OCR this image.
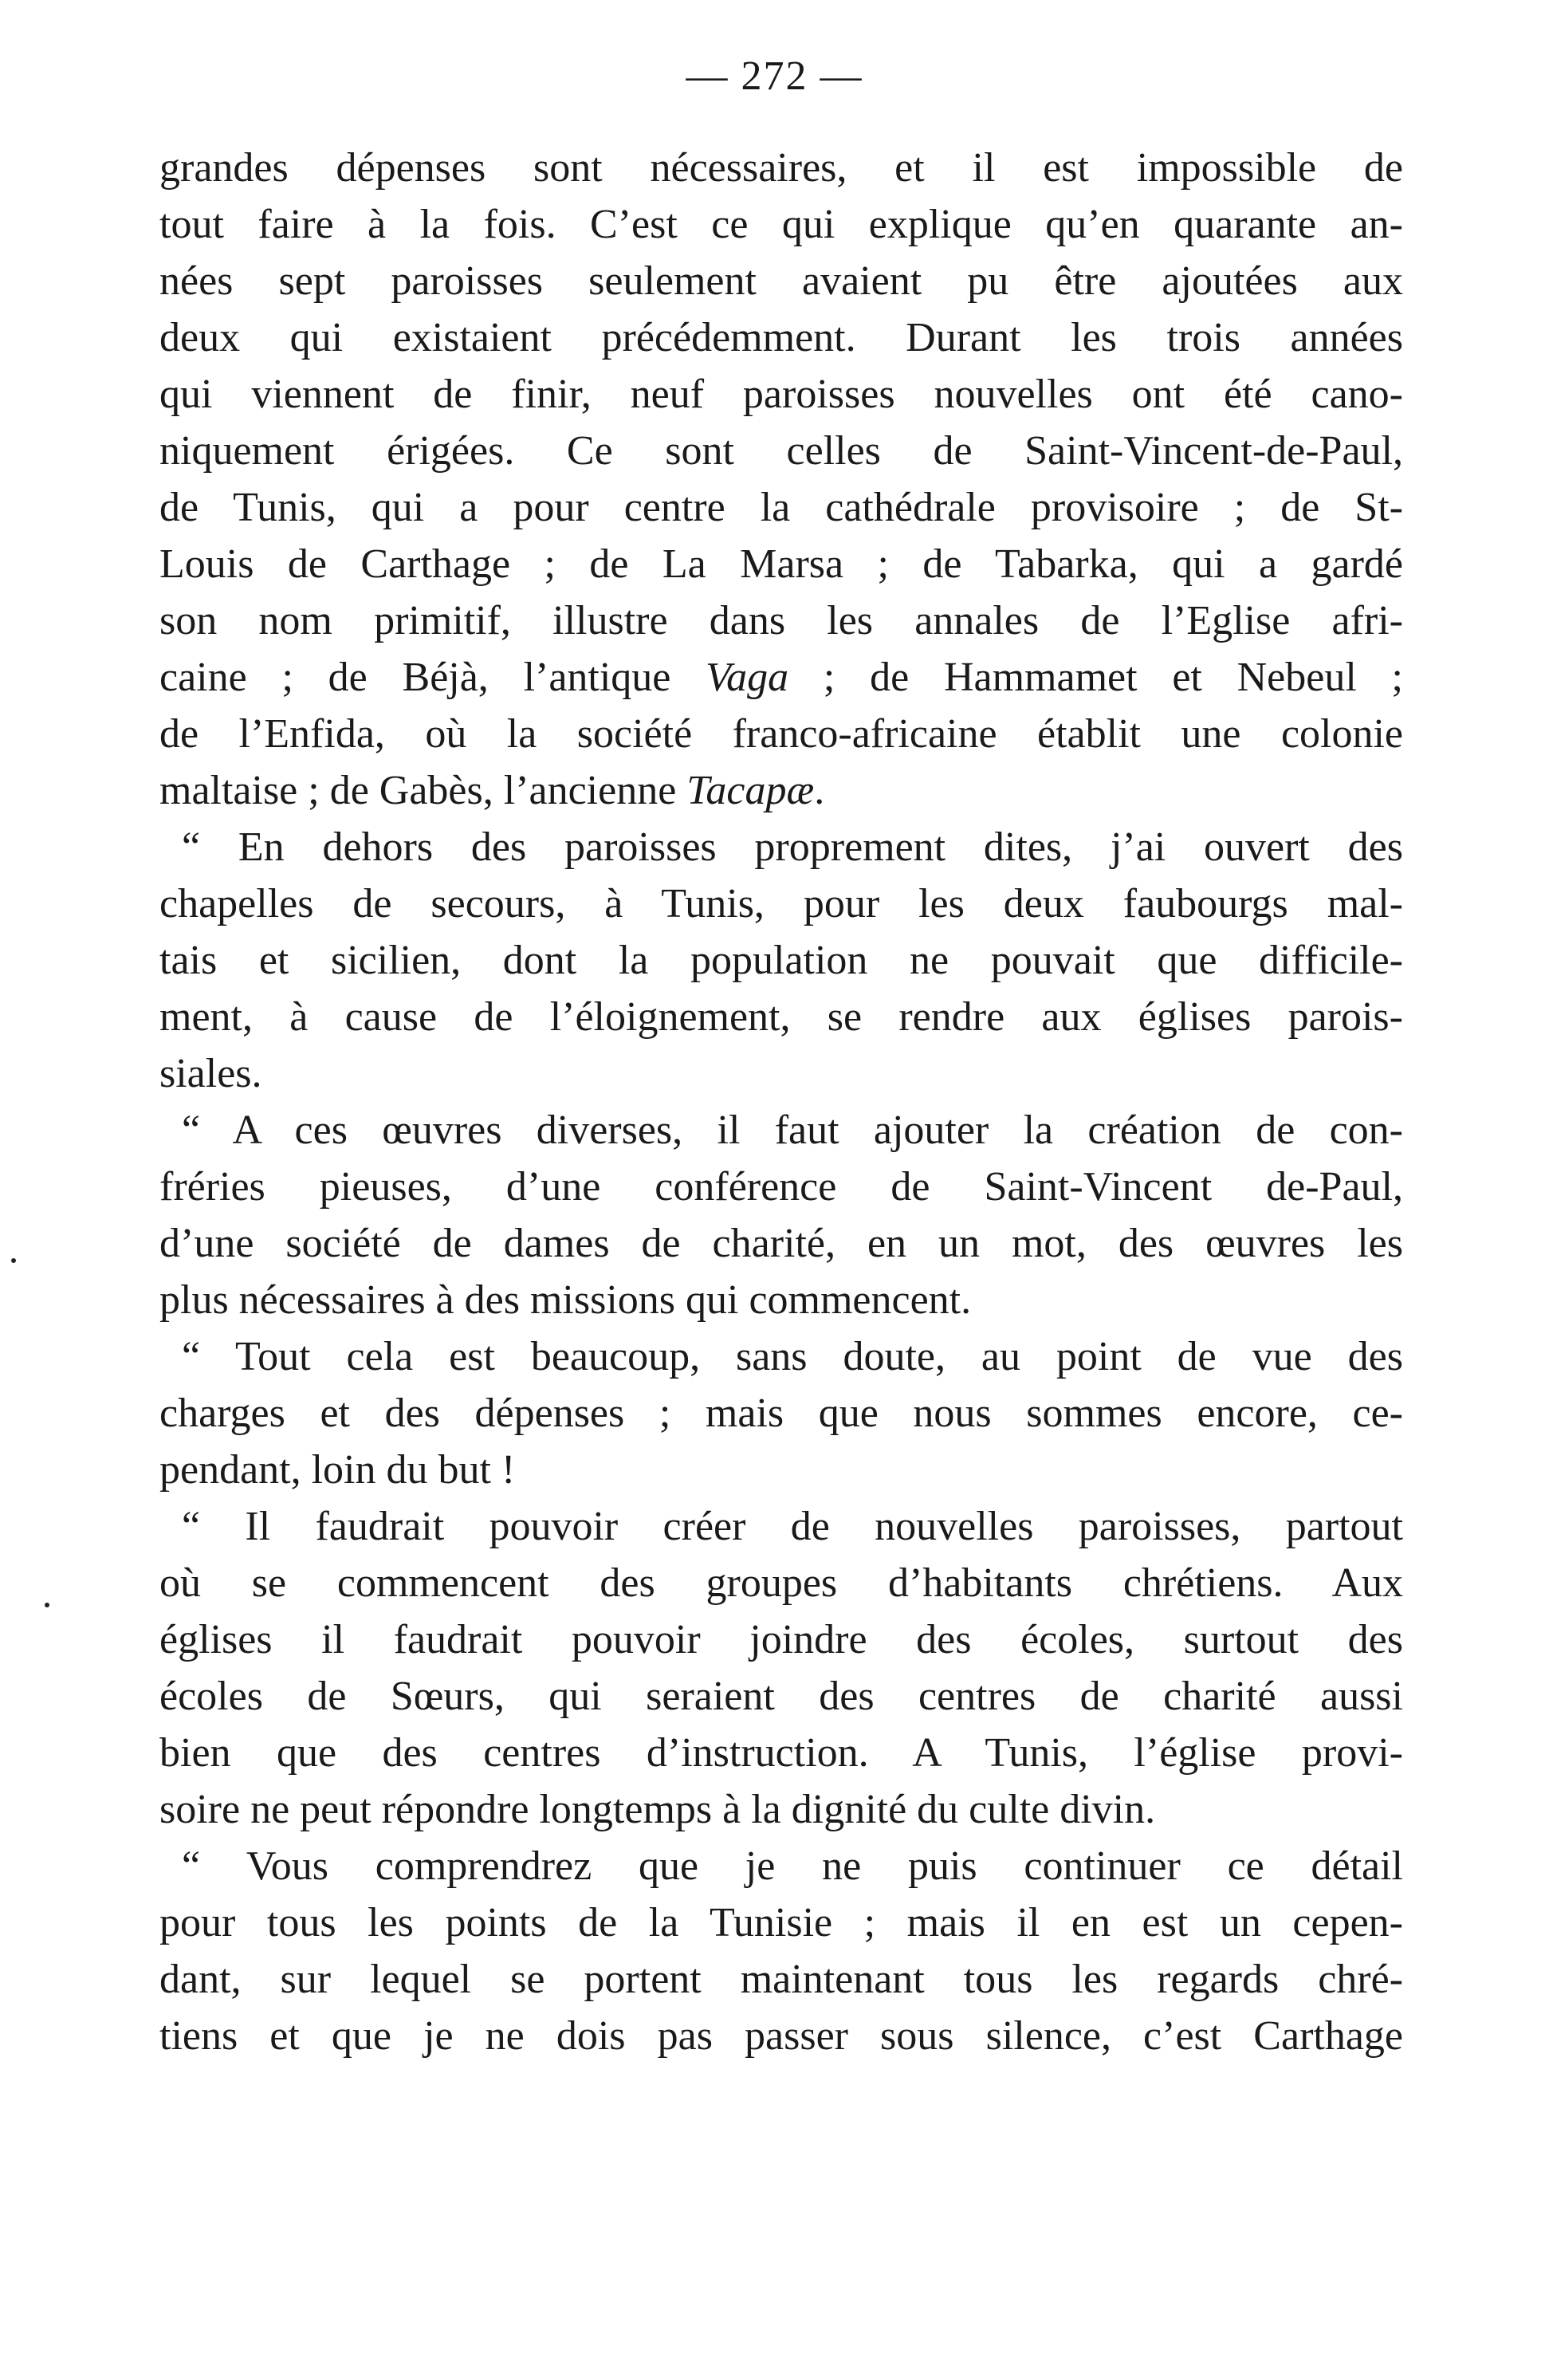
— 272 —
grandes dépenses sont nécessaires, et il est impossible de
tout faire à la fois. C’est ce qui explique qu’en quarante an-
nées sept paroisses seulement avaient pu être ajoutées aux
deux qui existaient précédemment. Durant les trois années
qui viennent de finir, neuf paroisses nouvelles ont été cano-
niquement érigées. Ce sont celles de Saint-Vincent-de-Paul,
de Tunis, qui a pour centre la cathédrale provisoire ; de St-
Louis de Carthage ; de La Marsa ; de Tabarka, qui a gardé
son nom primitif, illustre dans les annales de l’Eglise afri-
caine ; de Béjà, l’antique Vaga ; de Hammamet et Nebeul ;
de l’Enfida, où la société franco-africaine établit une colonie
maltaise ; de Gabès, l’ancienne Tacapæ.
“ En dehors des paroisses proprement dites, j’ai ouvert des
chapelles de secours, à Tunis, pour les deux faubourgs mal-
tais et sicilien, dont la population ne pouvait que difficile-
ment, à cause de l’éloignement, se rendre aux églises parois-
siales.
“ A ces œuvres diverses, il faut ajouter la création de con-
fréries pieuses, d’une conférence de Saint-Vincent de-Paul,
d’une société de dames de charité, en un mot, des œuvres les
plus nécessaires à des missions qui commencent.
“ Tout cela est beaucoup, sans doute, au point de vue des
charges et des dépenses ; mais que nous sommes encore, ce-
pendant, loin du but !
“ Il faudrait pouvoir créer de nouvelles paroisses, partout
où se commencent des groupes d’habitants chrétiens. Aux
églises il faudrait pouvoir joindre des écoles, surtout des
écoles de Sœurs, qui seraient des centres de charité aussi
bien que des centres d’instruction. A Tunis, l’église provi-
soire ne peut répondre longtemps à la dignité du culte divin.
“ Vous comprendrez que je ne puis continuer ce détail
pour tous les points de la Tunisie ; mais il en est un cepen-
dant, sur lequel se portent maintenant tous les regards chré-
tiens et que je ne dois pas passer sous silence, c’est Carthage
